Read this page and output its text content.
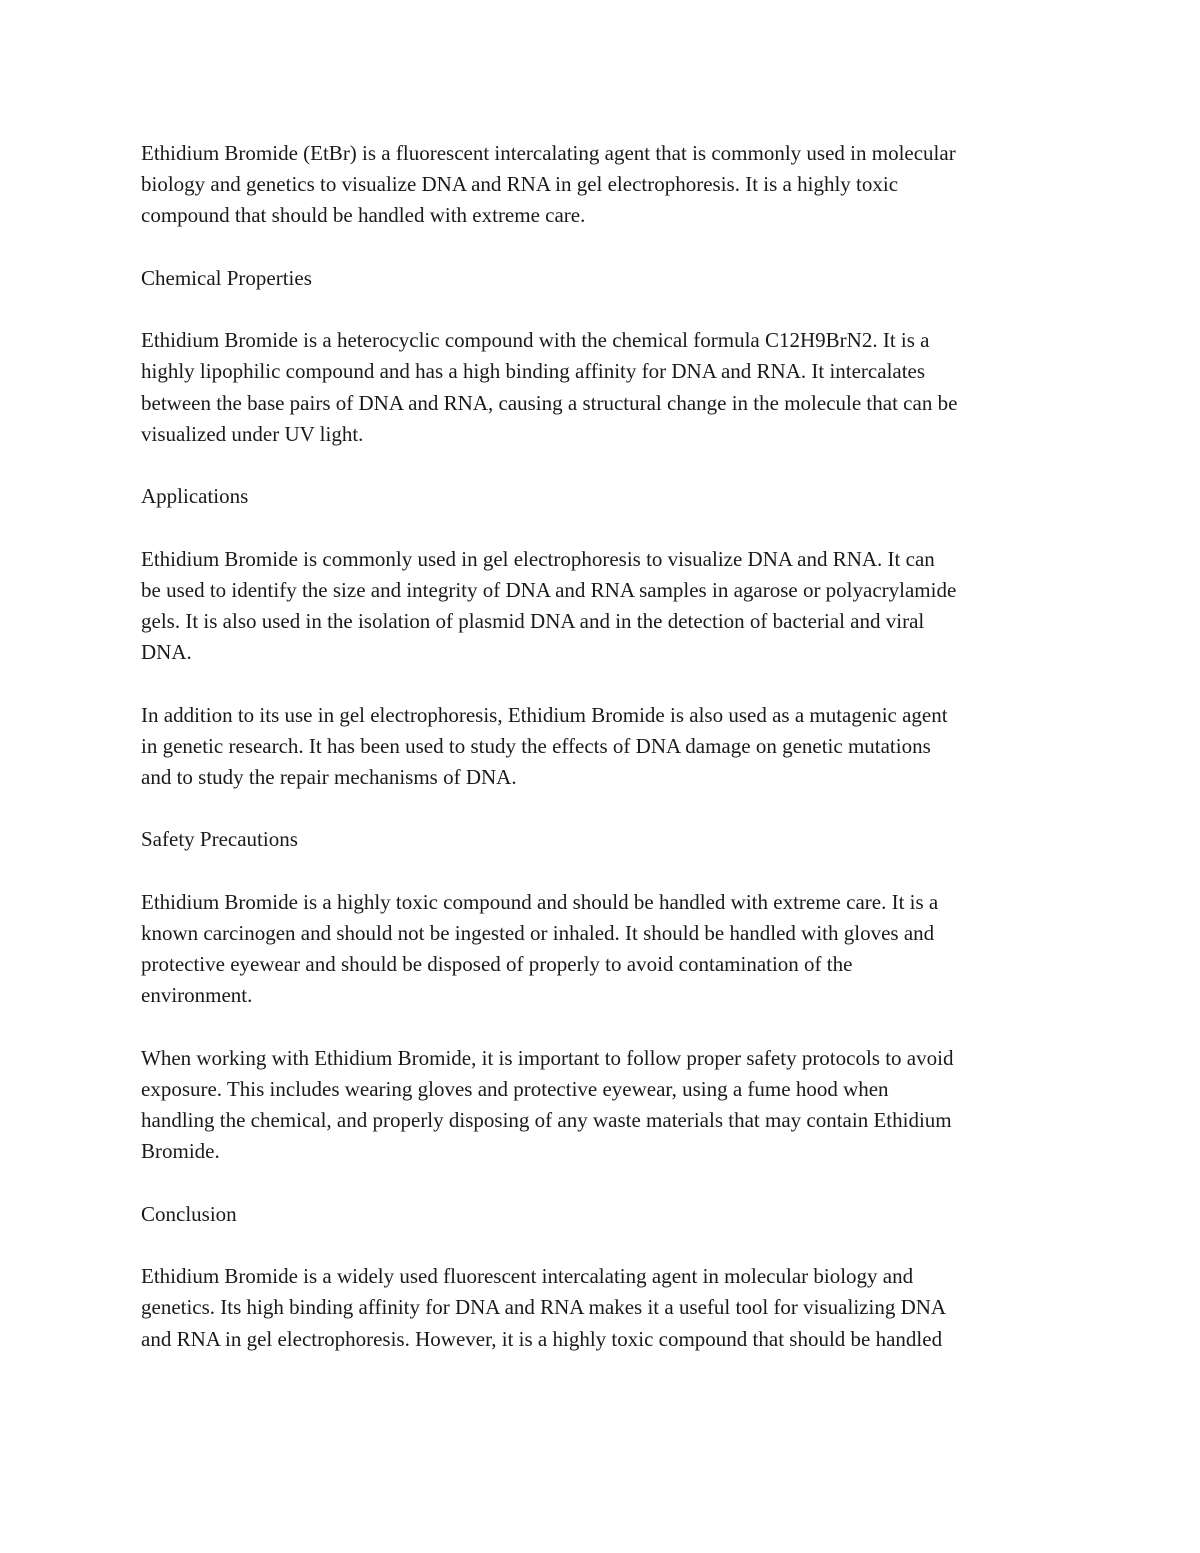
Ethidium Bromide (EtBr) is a fluorescent intercalating agent that is commonly used in molecular
biology and genetics to visualize DNA and RNA in gel electrophoresis. It is a highly toxic
compound that should be handled with extreme care.

Chemical Properties

Ethidium Bromide is a heterocyclic compound with the chemical formula C12H9BrN2. It is a
highly lipophilic compound and has a high binding affinity for DNA and RNA. It intercalates
between the base pairs of DNA and RNA, causing a structural change in the molecule that can be
visualized under UV light.

Applications

Ethidium Bromide is commonly used in gel electrophoresis to visualize DNA and RNA. It can
be used to identify the size and integrity of DNA and RNA samples in agarose or polyacrylamide
gels. It is also used in the isolation of plasmid DNA and in the detection of bacterial and viral
DNA.

In addition to its use in gel electrophoresis, Ethidium Bromide is also used as a mutagenic agent
in genetic research. It has been used to study the effects of DNA damage on genetic mutations
and to study the repair mechanisms of DNA.

Safety Precautions

Ethidium Bromide is a highly toxic compound and should be handled with extreme care. It is a
known carcinogen and should not be ingested or inhaled. It should be handled with gloves and
protective eyewear and should be disposed of properly to avoid contamination of the
environment.

When working with Ethidium Bromide, it is important to follow proper safety protocols to avoid
exposure. This includes wearing gloves and protective eyewear, using a fume hood when
handling the chemical, and properly disposing of any waste materials that may contain Ethidium
Bromide.

Conclusion

Ethidium Bromide is a widely used fluorescent intercalating agent in molecular biology and
genetics. Its high binding affinity for DNA and RNA makes it a useful tool for visualizing DNA
and RNA in gel electrophoresis. However, it is a highly toxic compound that should be handled
